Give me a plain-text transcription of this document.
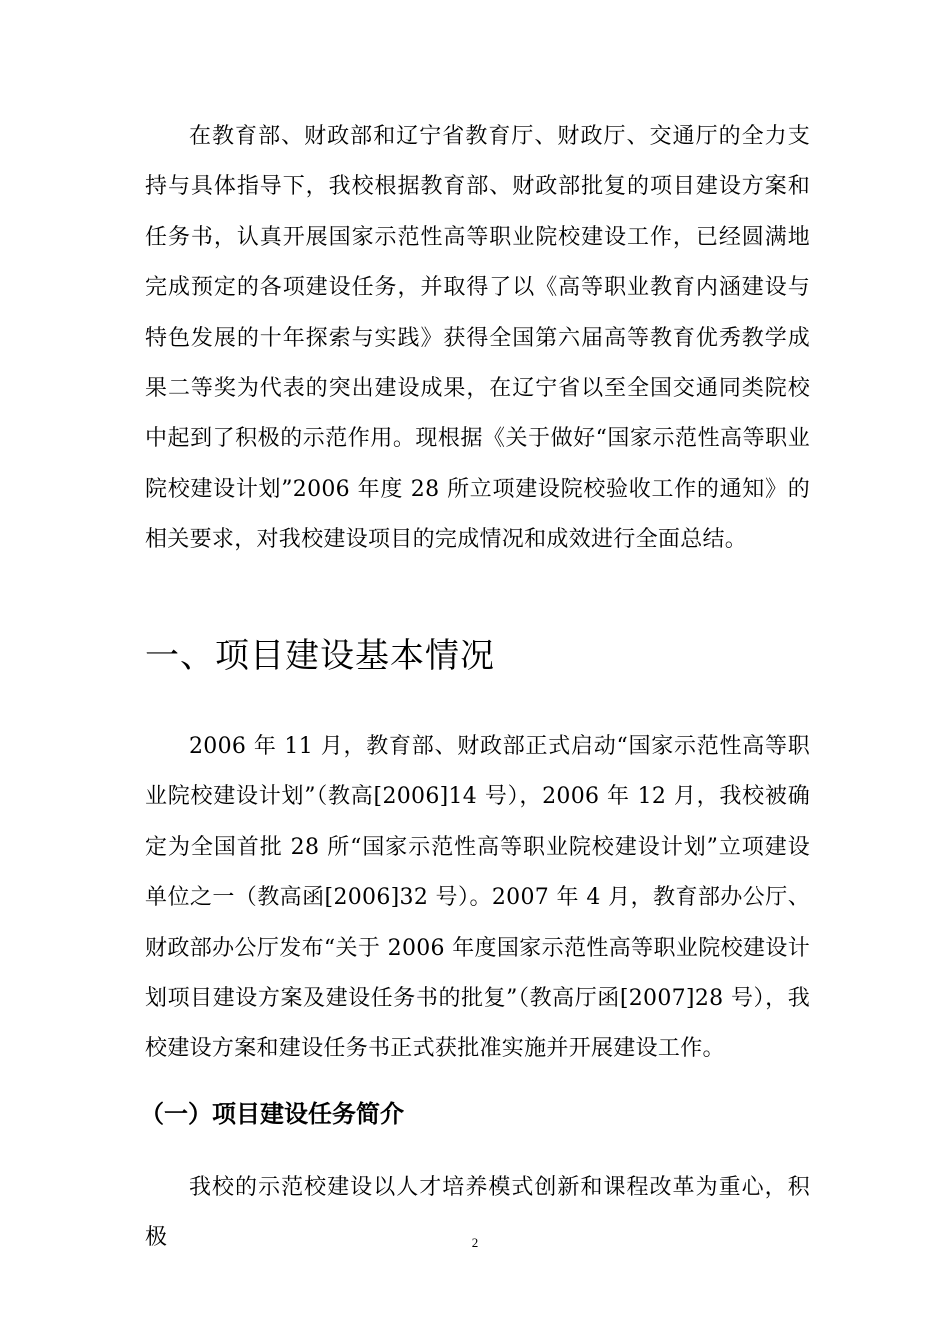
在教育部、财政部和辽宁省教育厅、财政厅、交通厅的全力支持与具体指导下，我校根据教育部、财政部批复的项目建设方案和任务书，认真开展国家示范性高等职业院校建设工作，已经圆满地完成预定的各项建设任务，并取得了以《高等职业教育内涵建设与特色发展的十年探索与实践》获得全国第六届高等教育优秀教学成果二等奖为代表的突出建设成果，在辽宁省以至全国交通同类院校中起到了积极的示范作用。现根据《关于做好“国家示范性高等职业院校建设计划”2006 年度 28 所立项建设院校验收工作的通知》的相关要求，对我校建设项目的完成情况和成效进行全面总结。

一、项目建设基本情况

2006 年 11 月，教育部、财政部正式启动“国家示范性高等职业院校建设计划”（教高[2006]14 号），2006 年 12 月，我校被确定为全国首批 28 所“国家示范性高等职业院校建设计划”立项建设单位之一（教高函[2006]32 号）。2007 年 4 月，教育部办公厅、财政部办公厅发布“关于 2006 年度国家示范性高等职业院校建设计划项目建设方案及建设任务书的批复”（教高厅函[2007]28 号），我校建设方案和建设任务书正式获批准实施并开展建设工作。

（一）项目建设任务简介

我校的示范校建设以人才培养模式创新和课程改革为重心，积极	2
